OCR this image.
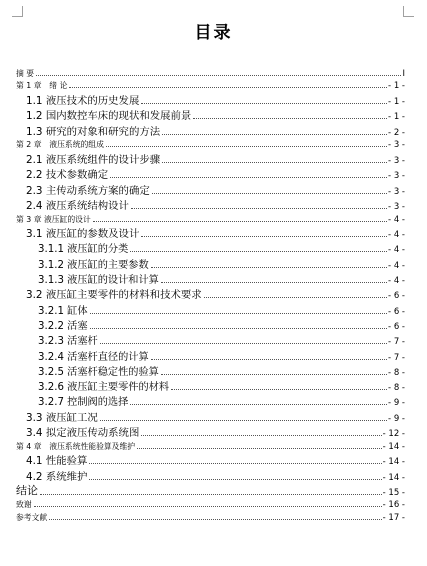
目录
摘 要	I
第 1 章　绪 论	- 1 -
1.1 液压技术的历史发展	- 1 -
1.2 国内数控车床的现状和发展前景	- 1 -
1.3 研究的对象和研究的方法	- 2 -
第 2 章　液压系统的组成	- 3 -
2.1 液压系统组件的设计步骤	- 3 -
2.2 技术参数确定	- 3 -
2.3 主传动系统方案的确定	- 3 -
2.4 液压系统结构设计	- 3 -
第 3 章 液压缸的设计	- 4 -
3.1 液压缸的参数及设计	- 4 -
3.1.1 液压缸的分类	- 4 -
3.1.2 液压缸的主要参数	- 4 -
3.1.3 液压缸的设计和计算	- 4 -
3.2 液压缸主要零件的材料和技术要求	- 6 -
3.2.1 缸体	- 6 -
3.2.2 活塞	- 6 -
3.2.3 活塞杆	- 7 -
3.2.4 活塞杆直径的计算	- 7 -
3.2.5 活塞杆稳定性的验算	- 8 -
3.2.6 液压缸主要零件的材料	- 8 -
3.2.7 控制阀的选择	- 9 -
3.3 液压缸工况	- 9 -
3.4 拟定液压传动系统图	- 12 -
第 4 章　液压系统性能验算及维护	- 14 -
4.1 性能验算	- 14 -
4.2 系统维护	- 14 -
结论	- 15 -
致谢	- 16 -
参考文献	- 17 -
